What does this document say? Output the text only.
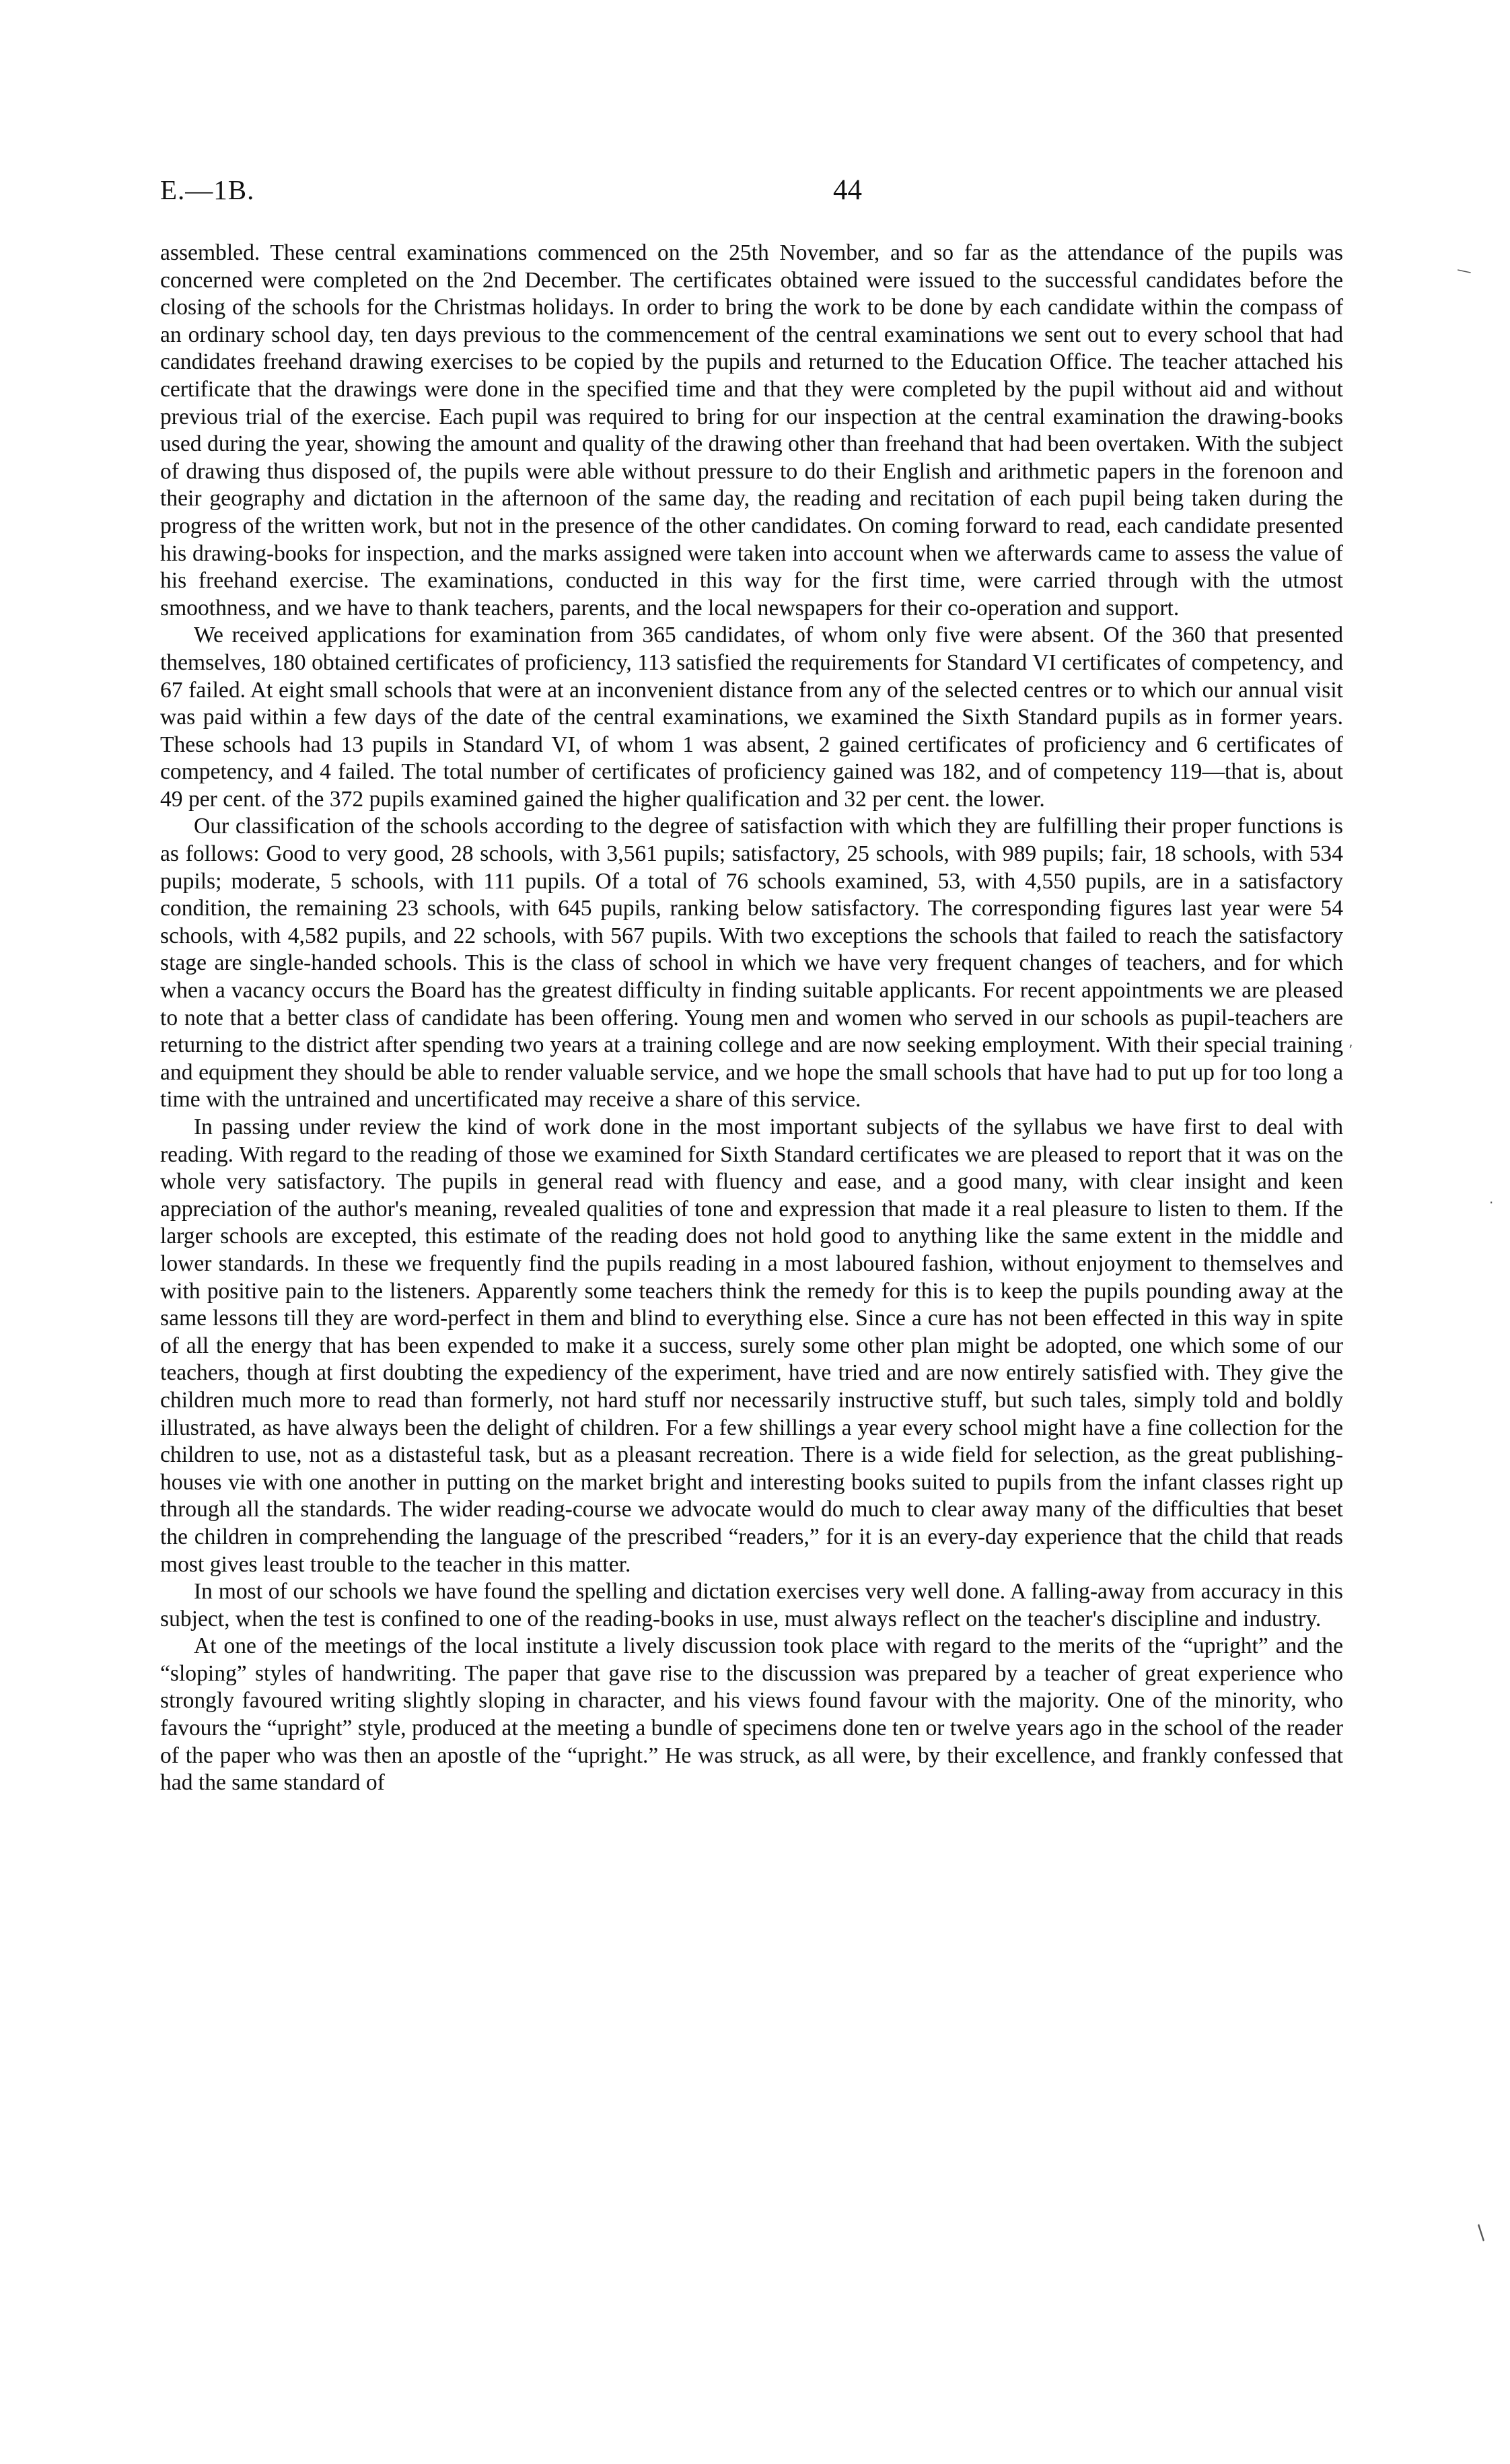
E.—1B.	44

assembled. These central examinations commenced on the 25th November, and so far as the attendance of the pupils was concerned were completed on the 2nd December. The certificates obtained were issued to the successful candidates before the closing of the schools for the Christmas holidays. In order to bring the work to be done by each candidate within the compass of an ordinary school day, ten days previous to the commencement of the central examinations we sent out to every school that had candidates freehand drawing exercises to be copied by the pupils and returned to the Education Office. The teacher attached his certificate that the drawings were done in the specified time and that they were completed by the pupil without aid and without previous trial of the exercise. Each pupil was required to bring for our inspection at the central examination the drawing-books used during the year, showing the amount and quality of the drawing other than freehand that had been overtaken. With the subject of drawing thus disposed of, the pupils were able without pressure to do their English and arithmetic papers in the forenoon and their geography and dictation in the afternoon of the same day, the reading and recitation of each pupil being taken during the progress of the written work, but not in the presence of the other candidates. On coming forward to read, each candidate presented his drawing-books for inspection, and the marks assigned were taken into account when we afterwards came to assess the value of his freehand exercise. The examinations, conducted in this way for the first time, were carried through with the utmost smoothness, and we have to thank teachers, parents, and the local newspapers for their co-operation and support.

We received applications for examination from 365 candidates, of whom only five were absent. Of the 360 that presented themselves, 180 obtained certificates of proficiency, 113 satisfied the requirements for Standard VI certificates of competency, and 67 failed. At eight small schools that were at an inconvenient distance from any of the selected centres or to which our annual visit was paid within a few days of the date of the central examinations, we examined the Sixth Standard pupils as in former years. These schools had 13 pupils in Standard VI, of whom 1 was absent, 2 gained certificates of proficiency and 6 certificates of competency, and 4 failed. The total number of certificates of proficiency gained was 182, and of competency 119—that is, about 49 per cent. of the 372 pupils examined gained the higher qualification and 32 per cent. the lower.

Our classification of the schools according to the degree of satisfaction with which they are fulfilling their proper functions is as follows: Good to very good, 28 schools, with 3,561 pupils; satisfactory, 25 schools, with 989 pupils; fair, 18 schools, with 534 pupils; moderate, 5 schools, with 111 pupils. Of a total of 76 schools examined, 53, with 4,550 pupils, are in a satisfactory condition, the remaining 23 schools, with 645 pupils, ranking below satisfactory. The corresponding figures last year were 54 schools, with 4,582 pupils, and 22 schools, with 567 pupils. With two exceptions the schools that failed to reach the satisfactory stage are single-handed schools. This is the class of school in which we have very frequent changes of teachers, and for which when a vacancy occurs the Board has the greatest difficulty in finding suitable applicants. For recent appointments we are pleased to note that a better class of candidate has been offering. Young men and women who served in our schools as pupil-teachers are returning to the district after spending two years at a training college and are now seeking employment. With their special training and equipment they should be able to render valuable service, and we hope the small schools that have had to put up for too long a time with the untrained and uncertificated may receive a share of this service.

In passing under review the kind of work done in the most important subjects of the syllabus we have first to deal with reading. With regard to the reading of those we examined for Sixth Standard certificates we are pleased to report that it was on the whole very satisfactory. The pupils in general read with fluency and ease, and a good many, with clear insight and keen appreciation of the author's meaning, revealed qualities of tone and expression that made it a real pleasure to listen to them. If the larger schools are excepted, this estimate of the reading does not hold good to anything like the same extent in the middle and lower standards. In these we frequently find the pupils reading in a most laboured fashion, without enjoyment to themselves and with positive pain to the listeners. Apparently some teachers think the remedy for this is to keep the pupils pounding away at the same lessons till they are word-perfect in them and blind to everything else. Since a cure has not been effected in this way in spite of all the energy that has been expended to make it a success, surely some other plan might be adopted, one which some of our teachers, though at first doubting the expediency of the experiment, have tried and are now entirely satisfied with. They give the children much more to read than formerly, not hard stuff nor necessarily instructive stuff, but such tales, simply told and boldly illustrated, as have always been the delight of children. For a few shillings a year every school might have a fine collection for the children to use, not as a distasteful task, but as a pleasant recreation. There is a wide field for selection, as the great publishing-houses vie with one another in putting on the market bright and interesting books suited to pupils from the infant classes right up through all the standards. The wider reading-course we advocate would do much to clear away many of the difficulties that beset the children in comprehending the language of the prescribed “readers,” for it is an every-day experience that the child that reads most gives least trouble to the teacher in this matter.

In most of our schools we have found the spelling and dictation exercises very well done. A falling-away from accuracy in this subject, when the test is confined to one of the reading-books in use, must always reflect on the teacher's discipline and industry.

At one of the meetings of the local institute a lively discussion took place with regard to the merits of the “upright” and the “sloping” styles of handwriting. The paper that gave rise to the discussion was prepared by a teacher of great experience who strongly favoured writing slightly sloping in character, and his views found favour with the majority. One of the minority, who favours the “upright” style, produced at the meeting a bundle of specimens done ten or twelve years ago in the school of the reader of the paper who was then an apostle of the “upright.” He was struck, as all were, by their excellence, and frankly confessed that had the same standard of

—
ʼ
·
∕
